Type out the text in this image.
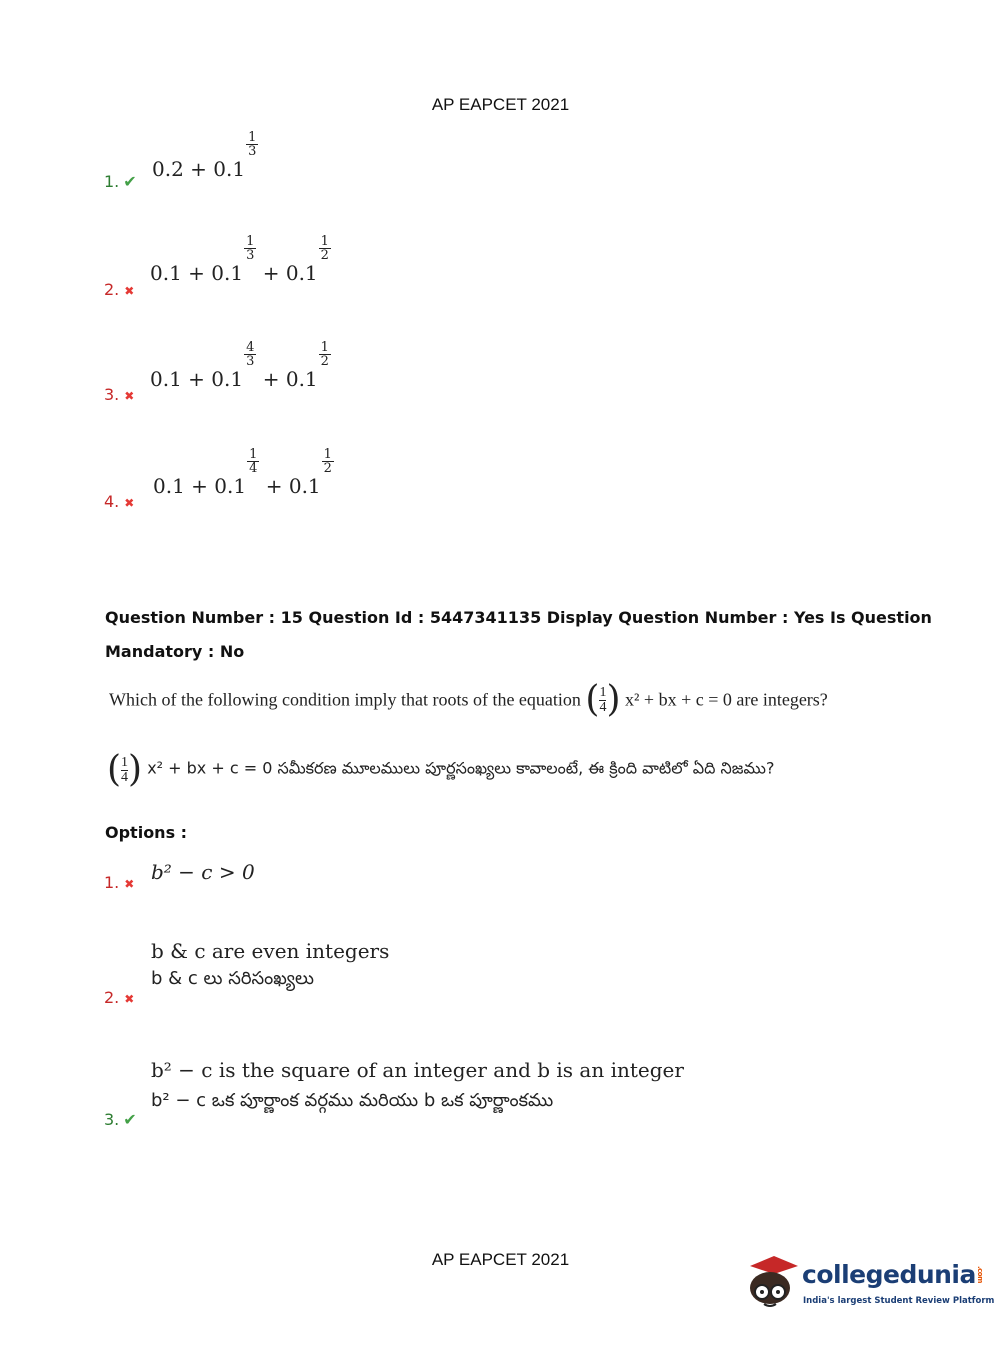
AP EAPCET 2021
1. ✔
0.2 + 0.1
$\frac{1}{3}$
2. ✖
0.1 + 0.1
$\frac{1}{3}$
+ 0.1
$\frac{1}{2}$
3. ✖
0.1 + 0.1
$\frac{4}{3}$
+ 0.1
$\frac{1}{2}$
4. ✖
0.1 + 0.1
$\frac{1}{4}$
+ 0.1
$\frac{1}{2}$
Question Number : 15 Question Id : 5447341135 Display Question Number : Yes Is Question
Mandatory : No
Which of the following condition imply that roots of the equation ( 1
4 ) x² + bx + c = 0 are integers?
( 1
4 ) x² + bx + c = 0 సమీకరణ మూలములు పూర్ణసంఖ్యలు కావాలంటే, ఈ క్రింది వాటిలో ఏది నిజము?
Options :
1. ✖ b² − c > 0
2. ✖
b & c are even integers
b & c లు సరిసంఖ్యలు
3. ✔
b² − c is the square of an integer and b is an integer
b² − c ఒక పూర్ణాంక వర్గము మరియు b ఒక పూర్ణాంకము
AP EAPCET 2021
collegedunia.com
India's largest Student Review Platform
